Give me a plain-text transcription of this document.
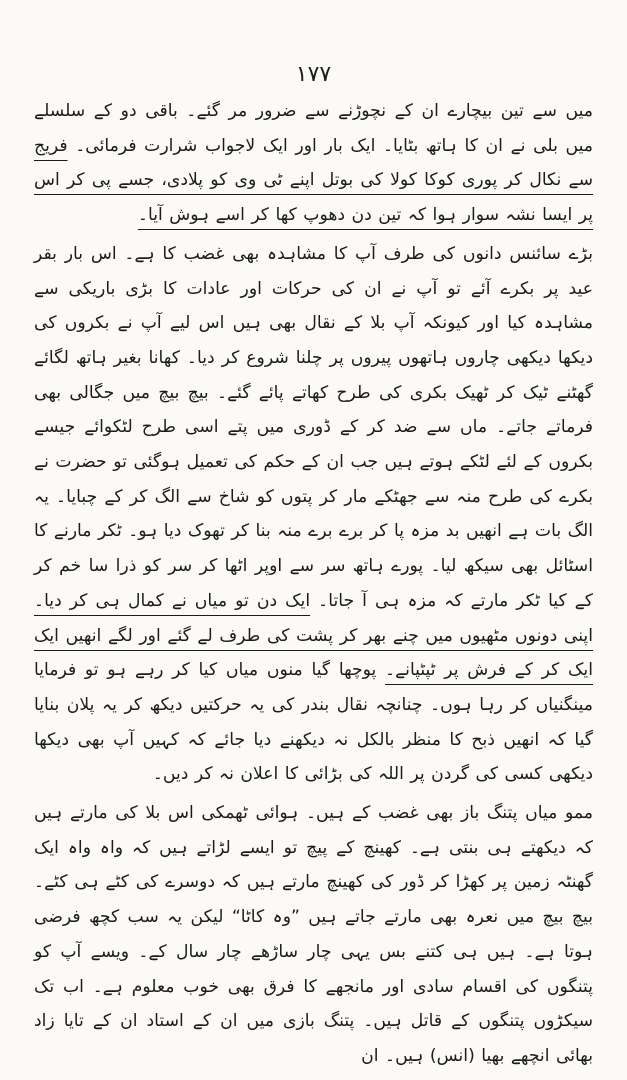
۱۷۷

میں سے تین بیچارے ان کے نچوڑنے سے ضرور مر گئے۔ باقی دو کے سلسلے میں بلی نے ان کا ہاتھ بٹایا۔ ایک بار اور ایک لاجواب شرارت فرمائی۔ فریج سے نکال کر پوری کوکا کولا کی بوتل اپنے ٹی وی کو پلادی، جسے پی کر اس پر ایسا نشہ سوار ہوا کہ تین دن دھوپ کھا کر اسے ہوش آیا۔

بڑے سائنس دانوں کی طرف آپ کا مشاہدہ بھی غضب کا ہے۔ اس بار بقر عید پر بکرے آئے تو آپ نے ان کی حرکات اور عادات کا بڑی باریکی سے مشاہدہ کیا اور کیونکہ آپ بلا کے نقال بھی ہیں اس لیے آپ نے بکروں کی دیکھا دیکھی چاروں ہاتھوں پیروں پر چلنا شروع کر دیا۔ کھانا بغیر ہاتھ لگائے گھٹنے ٹیک کر ٹھیک بکری کی طرح کھاتے پائے گئے۔ بیچ بیچ میں جگالی بھی فرماتے جاتے۔ ماں سے ضد کر کے ڈوری میں پتے اسی طرح لٹکوائے جیسے بکروں کے لئے لٹکے ہوتے ہیں جب ان کے حکم کی تعمیل ہوگئی تو حضرت نے بکرے کی طرح منہ سے جھٹکے مار کر پتوں کو شاخ سے الگ کر کے چبایا۔ یہ الگ بات ہے انھیں بد مزہ پا کر برے برے منہ بنا کر تھوک دیا ہو۔ ٹکر مارنے کا اسٹائل بھی سیکھ لیا۔ پورے ہاتھ سر سے اوپر اٹھا کر سر کو ذرا سا خم کر کے کیا ٹکر مارتے کہ مزہ ہی آ جاتا۔ ایک دن تو میاں نے کمال ہی کر دیا۔ اپنی دونوں مٹھیوں میں چنے بھر کر پشت کی طرف لے گئے اور لگے انھیں ایک ایک کر کے فرش پر ٹپٹپانے۔ پوچھا گیا منوں میاں کیا کر رہے ہو تو فرمایا مینگنیاں کر رہا ہوں۔ چنانچہ نقال بندر کی یہ حرکتیں دیکھ کر یہ پلان بنایا گیا کہ انھیں ذبح کا منظر بالکل نہ دیکھنے دیا جائے کہ کہیں آپ بھی دیکھا دیکھی کسی کی گردن پر اللہ کی بڑائی کا اعلان نہ کر دیں۔

ممو میاں پتنگ باز بھی غضب کے ہیں۔ ہوائی ٹھمکی اس بلا کی مارتے ہیں کہ دیکھتے ہی بنتی ہے۔ کھینچ کے پیچ تو ایسے لڑاتے ہیں کہ واہ واہ ایک گھنٹہ زمین پر کھڑا کر ڈور کی کھینچ مارتے ہیں کہ دوسرے کی کٹے ہی کٹے۔ بیچ بیچ میں نعرہ بھی مارتے جاتے ہیں ”وہ کاٹا“ لیکن یہ سب کچھ فرضی ہوتا ہے۔ ہیں ہی کتنے بس یہی چار ساڑھے چار سال کے۔ ویسے آپ کو پتنگوں کی اقسام سادی اور مانجھے کا فرق بھی خوب معلوم ہے۔ اب تک سیکڑوں پتنگوں کے قاتل ہیں۔ پتنگ بازی میں ان کے استاد ان کے تایا زاد بھائی انچھے بھیا (انس) ہیں۔ ان
